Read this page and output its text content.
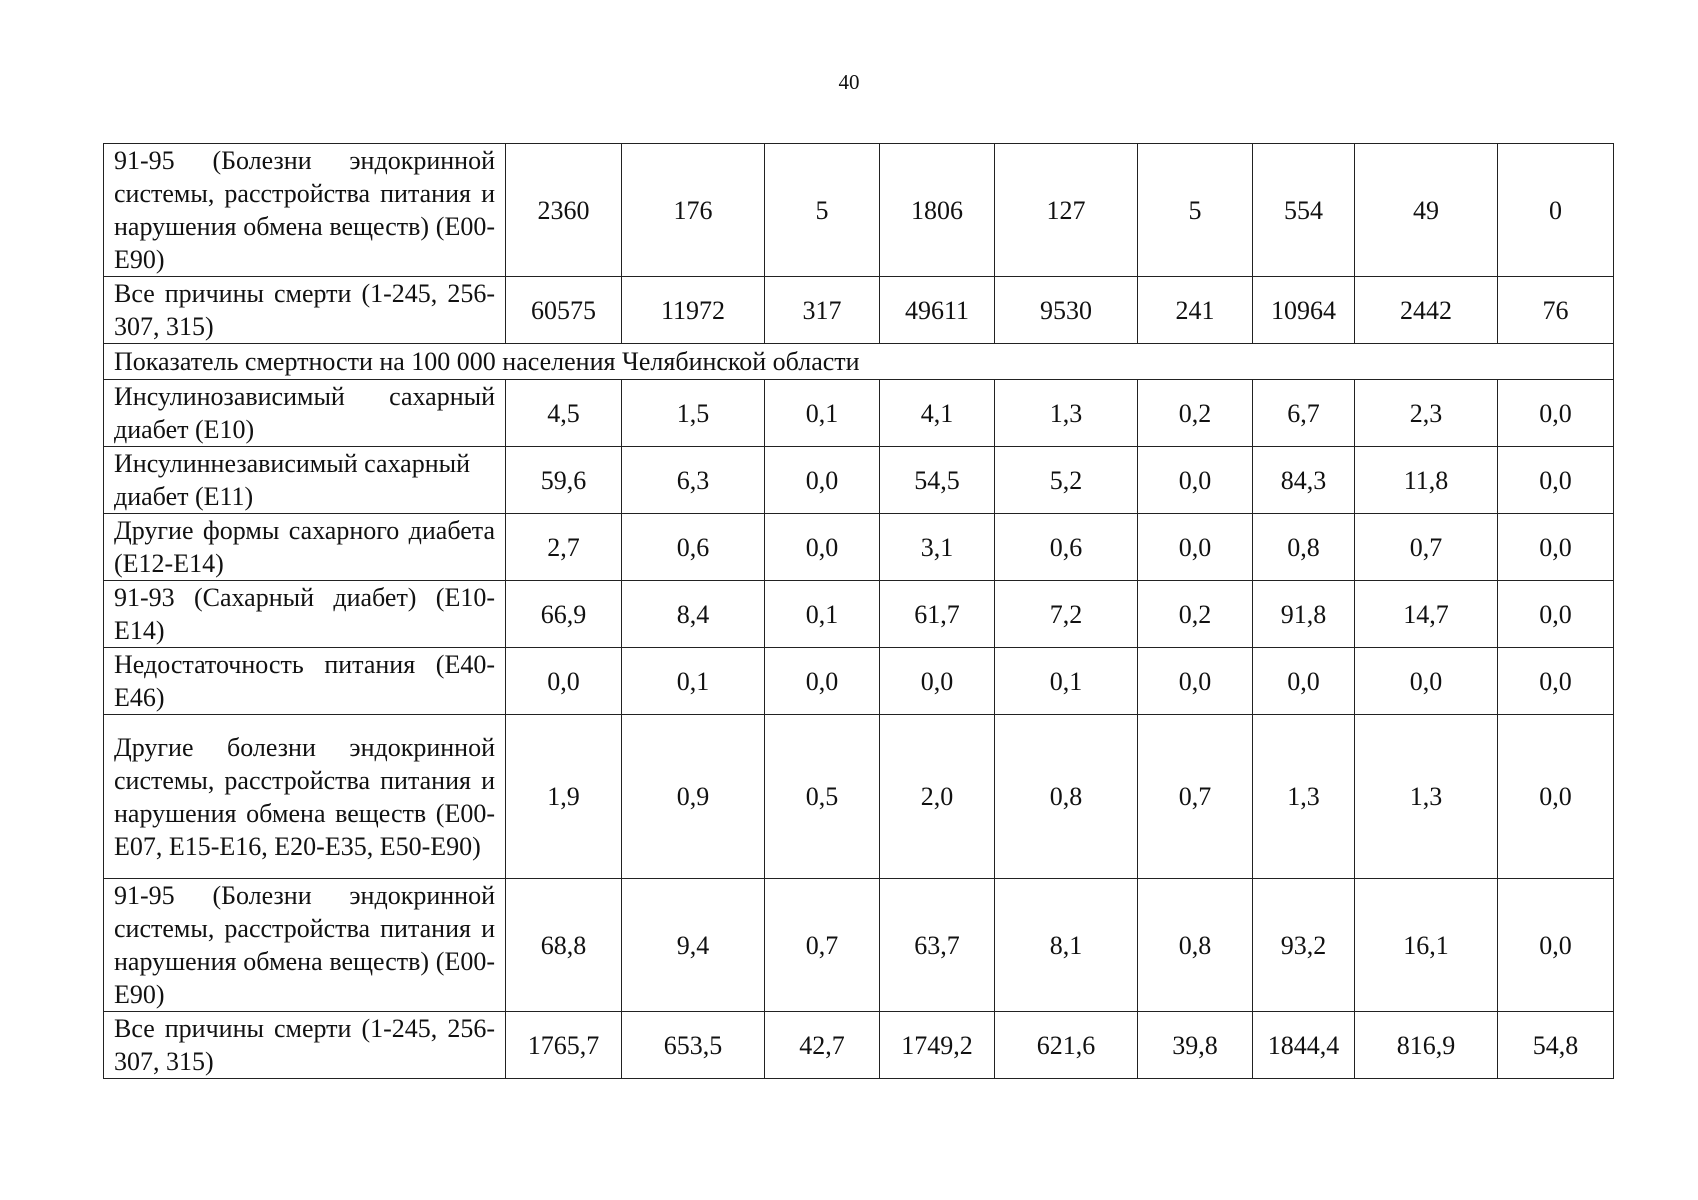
40
91-95 (Болезни эндокринной системы, расстройства питания и нарушения обмена веществ) (Е00-Е90)	2360	176	5	1806	127	5	554	49	0
Все причины смерти (1-245, 256-307, 315)	60575	11972	317	49611	9530	241	10964	2442	76
Показатель смертности на 100 000 населения Челябинской области									
Инсулинозависимый сахарный диабет (Е10)	4,5	1,5	0,1	4,1	1,3	0,2	6,7	2,3	0,0
Инсулиннезависимый сахарный диабет (Е11)	59,6	6,3	0,0	54,5	5,2	0,0	84,3	11,8	0,0
Другие формы сахарного диабета (Е12-Е14)	2,7	0,6	0,0	3,1	0,6	0,0	0,8	0,7	0,0
91-93 (Сахарный диабет) (Е10-Е14)	66,9	8,4	0,1	61,7	7,2	0,2	91,8	14,7	0,0
Недостаточность питания (Е40-Е46)	0,0	0,1	0,0	0,0	0,1	0,0	0,0	0,0	0,0
Другие болезни эндокринной системы, расстройства питания и нарушения обмена веществ (Е00-Е07, Е15-Е16, Е20-Е35, Е50-Е90)	1,9	0,9	0,5	2,0	0,8	0,7	1,3	1,3	0,0
91-95 (Болезни эндокринной системы, расстройства питания и нарушения обмена веществ) (Е00-Е90)	68,8	9,4	0,7	63,7	8,1	0,8	93,2	16,1	0,0
Все причины смерти (1-245, 256-307, 315)	1765,7	653,5	42,7	1749,2	621,6	39,8	1844,4	816,9	54,8
